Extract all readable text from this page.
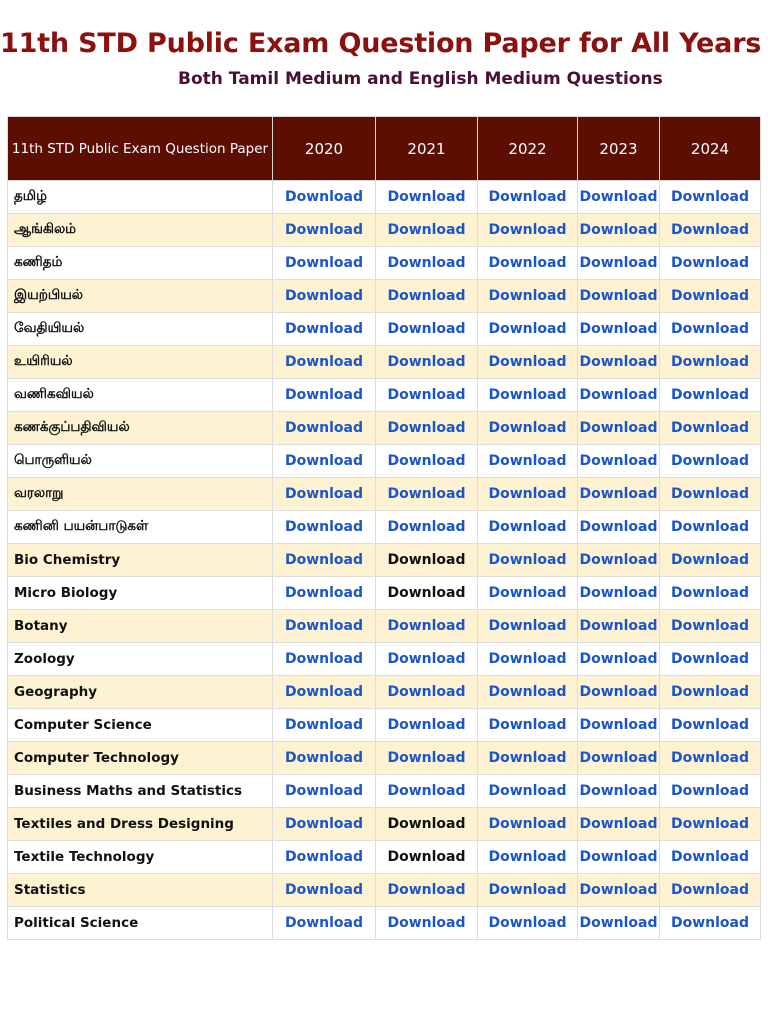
11th STD Public Exam Question Paper for All Years
Both Tamil Medium and English Medium Questions
11th STD Public Exam Question Paper	2020	2021	2022	2023	2024
தமிழ்	Download	Download	Download	Download	Download
ஆங்கிலம்	Download	Download	Download	Download	Download
கணிதம்	Download	Download	Download	Download	Download
இயற்பியல்	Download	Download	Download	Download	Download
வேதியியல்	Download	Download	Download	Download	Download
உயிரியல்	Download	Download	Download	Download	Download
வணிகவியல்	Download	Download	Download	Download	Download
கணக்குப்பதிவியல்	Download	Download	Download	Download	Download
பொருளியல்	Download	Download	Download	Download	Download
வரலாறு	Download	Download	Download	Download	Download
கணினி பயன்பாடுகள்	Download	Download	Download	Download	Download
Bio Chemistry	Download	Download	Download	Download	Download
Micro Biology	Download	Download	Download	Download	Download
Botany	Download	Download	Download	Download	Download
Zoology	Download	Download	Download	Download	Download
Geography	Download	Download	Download	Download	Download
Computer Science	Download	Download	Download	Download	Download
Computer Technology	Download	Download	Download	Download	Download
Business Maths and Statistics	Download	Download	Download	Download	Download
Textiles and Dress Designing	Download	Download	Download	Download	Download
Textile Technology	Download	Download	Download	Download	Download
Statistics	Download	Download	Download	Download	Download
Political Science	Download	Download	Download	Download	Download
